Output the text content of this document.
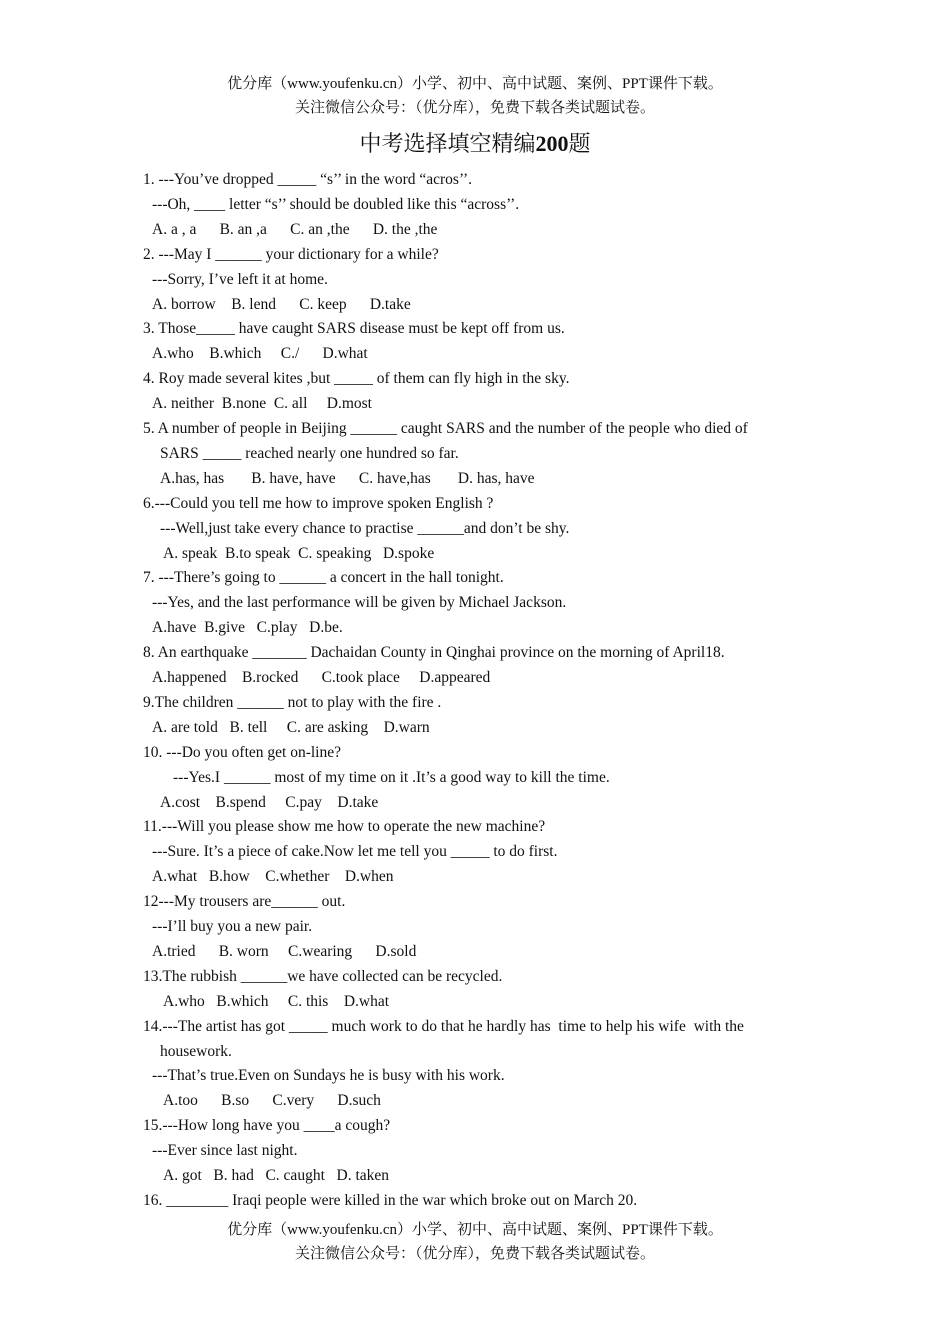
优分库（www.youfenku.cn）小学、初中、高中试题、案例、PPT课件下载。
关注微信公众号：（优分库），免费下载各类试题试卷。
中考选择填空精编200题
1. ---You’ve dropped _____ “s’’ in the word “acros’’.
---Oh, ____ letter “s’’ should be doubled like this “across’’.
A. a , a      B. an ,a      C. an ,the      D. the ,the
2. ---May I ______ your dictionary for a while?
---Sorry, I’ve left it at home.
A. borrow    B. lend      C. keep      D.take
3. Those_____ have caught SARS disease must be kept off from us.
A.who    B.which     C./      D.what
4. Roy made several kites ,but _____ of them can fly high in the sky.
A. neither  B.none  C. all     D.most
5. A number of people in Beijing ______ caught SARS and the number of the people who died of
SARS _____ reached nearly one hundred so far.
A.has, has       B. have, have      C. have,has       D. has, have
6.---Could you tell me how to improve spoken English ?
---Well,just take every chance to practise ______and don’t be shy.
A. speak  B.to speak  C. speaking   D.spoke
7. ---There’s going to ______ a concert in the hall tonight.
---Yes, and the last performance will be given by Michael Jackson.
A.have  B.give   C.play   D.be.
8. An earthquake _______ Dachaidan County in Qinghai province on the morning of April18.
A.happened    B.rocked      C.took place     D.appeared
9.The children ______ not to play with the fire .
A. are told   B. tell     C. are asking    D.warn
10. ---Do you often get on-line?
---Yes.I ______ most of my time on it .It’s a good way to kill the time.
A.cost    B.spend     C.pay    D.take
11.---Will you please show me how to operate the new machine?
---Sure. It’s a piece of cake.Now let me tell you _____ to do first.
A.what   B.how    C.whether    D.when
12---My trousers are______ out.
---I’ll buy you a new pair.
A.tried      B. worn     C.wearing      D.sold
13.The rubbish ______we have collected can be recycled.
A.who   B.which     C. this    D.what
14.---The artist has got _____ much work to do that he hardly has  time to help his wife  with the
housework.
---That’s true.Even on Sundays he is busy with his work.
A.too      B.so      C.very      D.such
15.---How long have you ____a cough?
---Ever since last night.
A. got   B. had   C. caught   D. taken
16. ________ Iraqi people were killed in the war which broke out on March 20.
优分库（www.youfenku.cn）小学、初中、高中试题、案例、PPT课件下载。
关注微信公众号：（优分库），免费下载各类试题试卷。
